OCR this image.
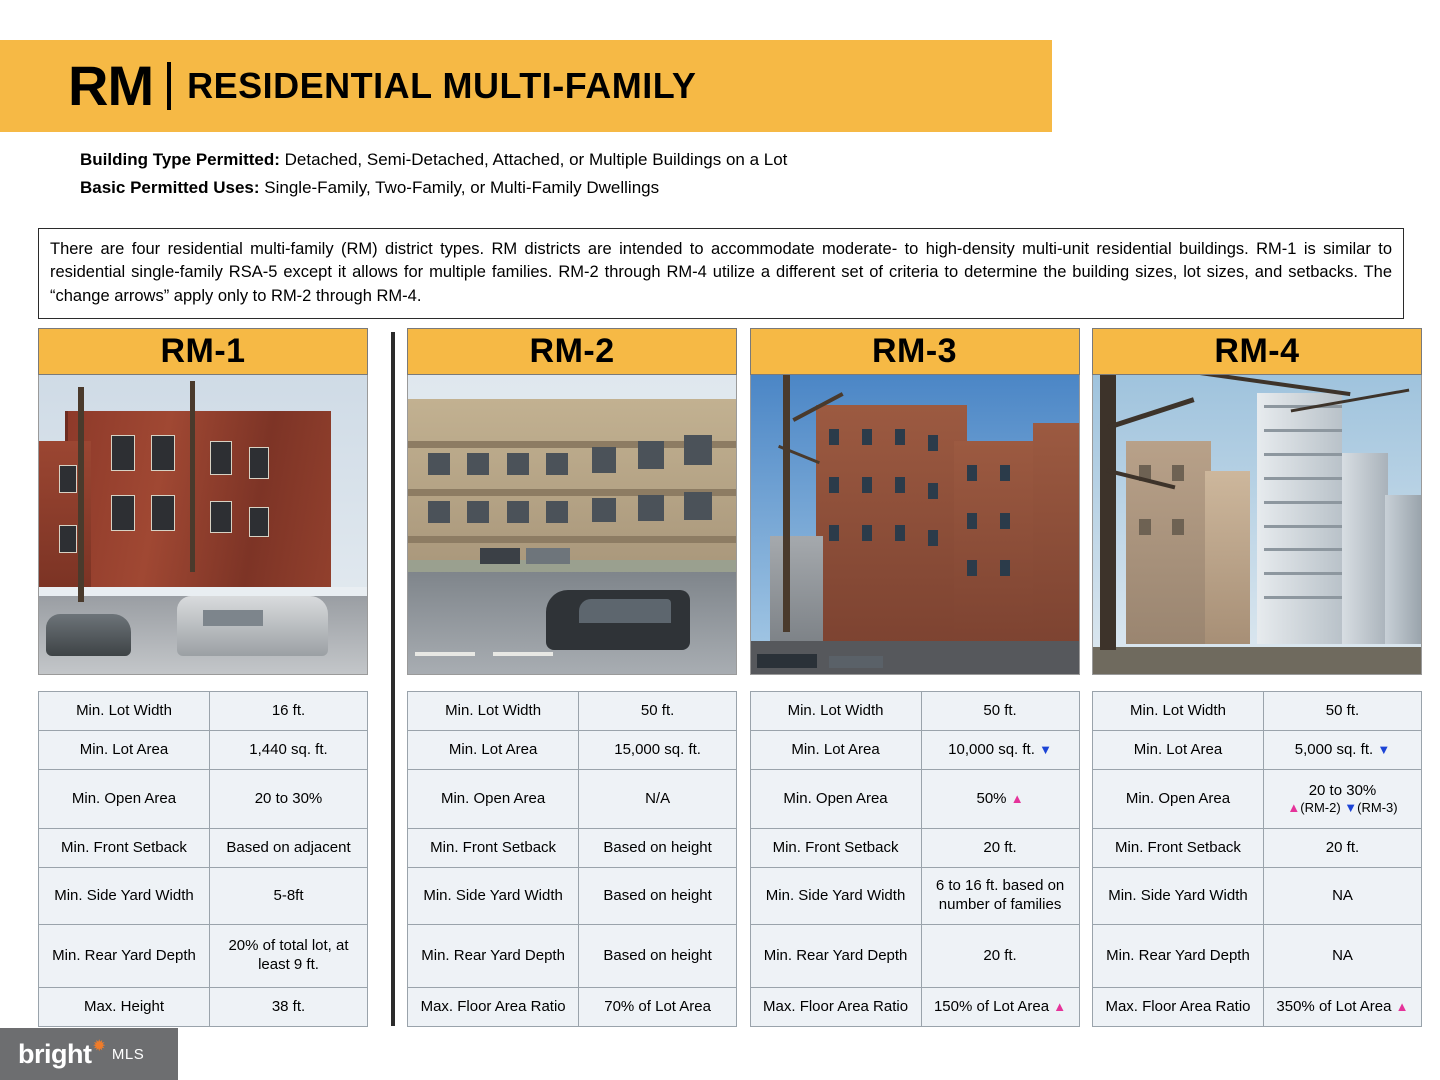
RM RESIDENTIAL MULTI-FAMILY
Building Type Permitted: Detached, Semi-Detached, Attached, or Multiple Buildings on a Lot
Basic Permitted Uses: Single-Family, Two-Family, or Multi-Family Dwellings
There are four residential multi-family (RM) district types. RM districts are intended to accommodate moderate- to high-density multi-unit residential buildings. RM-1 is similar to residential single-family RSA-5 except it allows for multiple families. RM-2 through RM-4 utilize a different set of criteria to determine the building sizes, lot sizes, and setbacks. The “change arrows” apply only to RM-2 through RM-4.
RM-1
Min. Lot Width	16 ft.
Min. Lot Area	1,440 sq. ft.
Min. Open Area	20 to 30%
Min. Front Setback	Based on adjacent
Min. Side Yard Width	5-8ft
Min. Rear Yard Depth	20% of total lot, at least 9 ft.
Max. Height	38 ft.
RM-2
Min. Lot Width	50 ft.
Min. Lot Area	15,000 sq. ft.
Min. Open Area	N/A
Min. Front Setback	Based on height
Min. Side Yard Width	Based on height
Min. Rear Yard Depth	Based on height
Max. Floor Area Ratio	70% of Lot Area
RM-3
Min. Lot Width	50 ft.
Min. Lot Area	10,000 sq. ft. ▼
Min. Open Area	50% ▲
Min. Front Setback	20 ft.
Min. Side Yard Width	6 to 16 ft. based on number of families
Min. Rear Yard Depth	20 ft.
Max. Floor Area Ratio	150% of Lot Area ▲
RM-4
Min. Lot Width	50 ft.
Min. Lot Area	5,000 sq. ft. ▼
Min. Open Area	20 to 30%
▲(RM-2) ▼(RM-3)

Min. Front Setback	20 ft.
Min. Side Yard Width	NA
Min. Rear Yard Depth	NA
Max. Floor Area Ratio	350% of Lot Area ▲
bright ✹ MLS
